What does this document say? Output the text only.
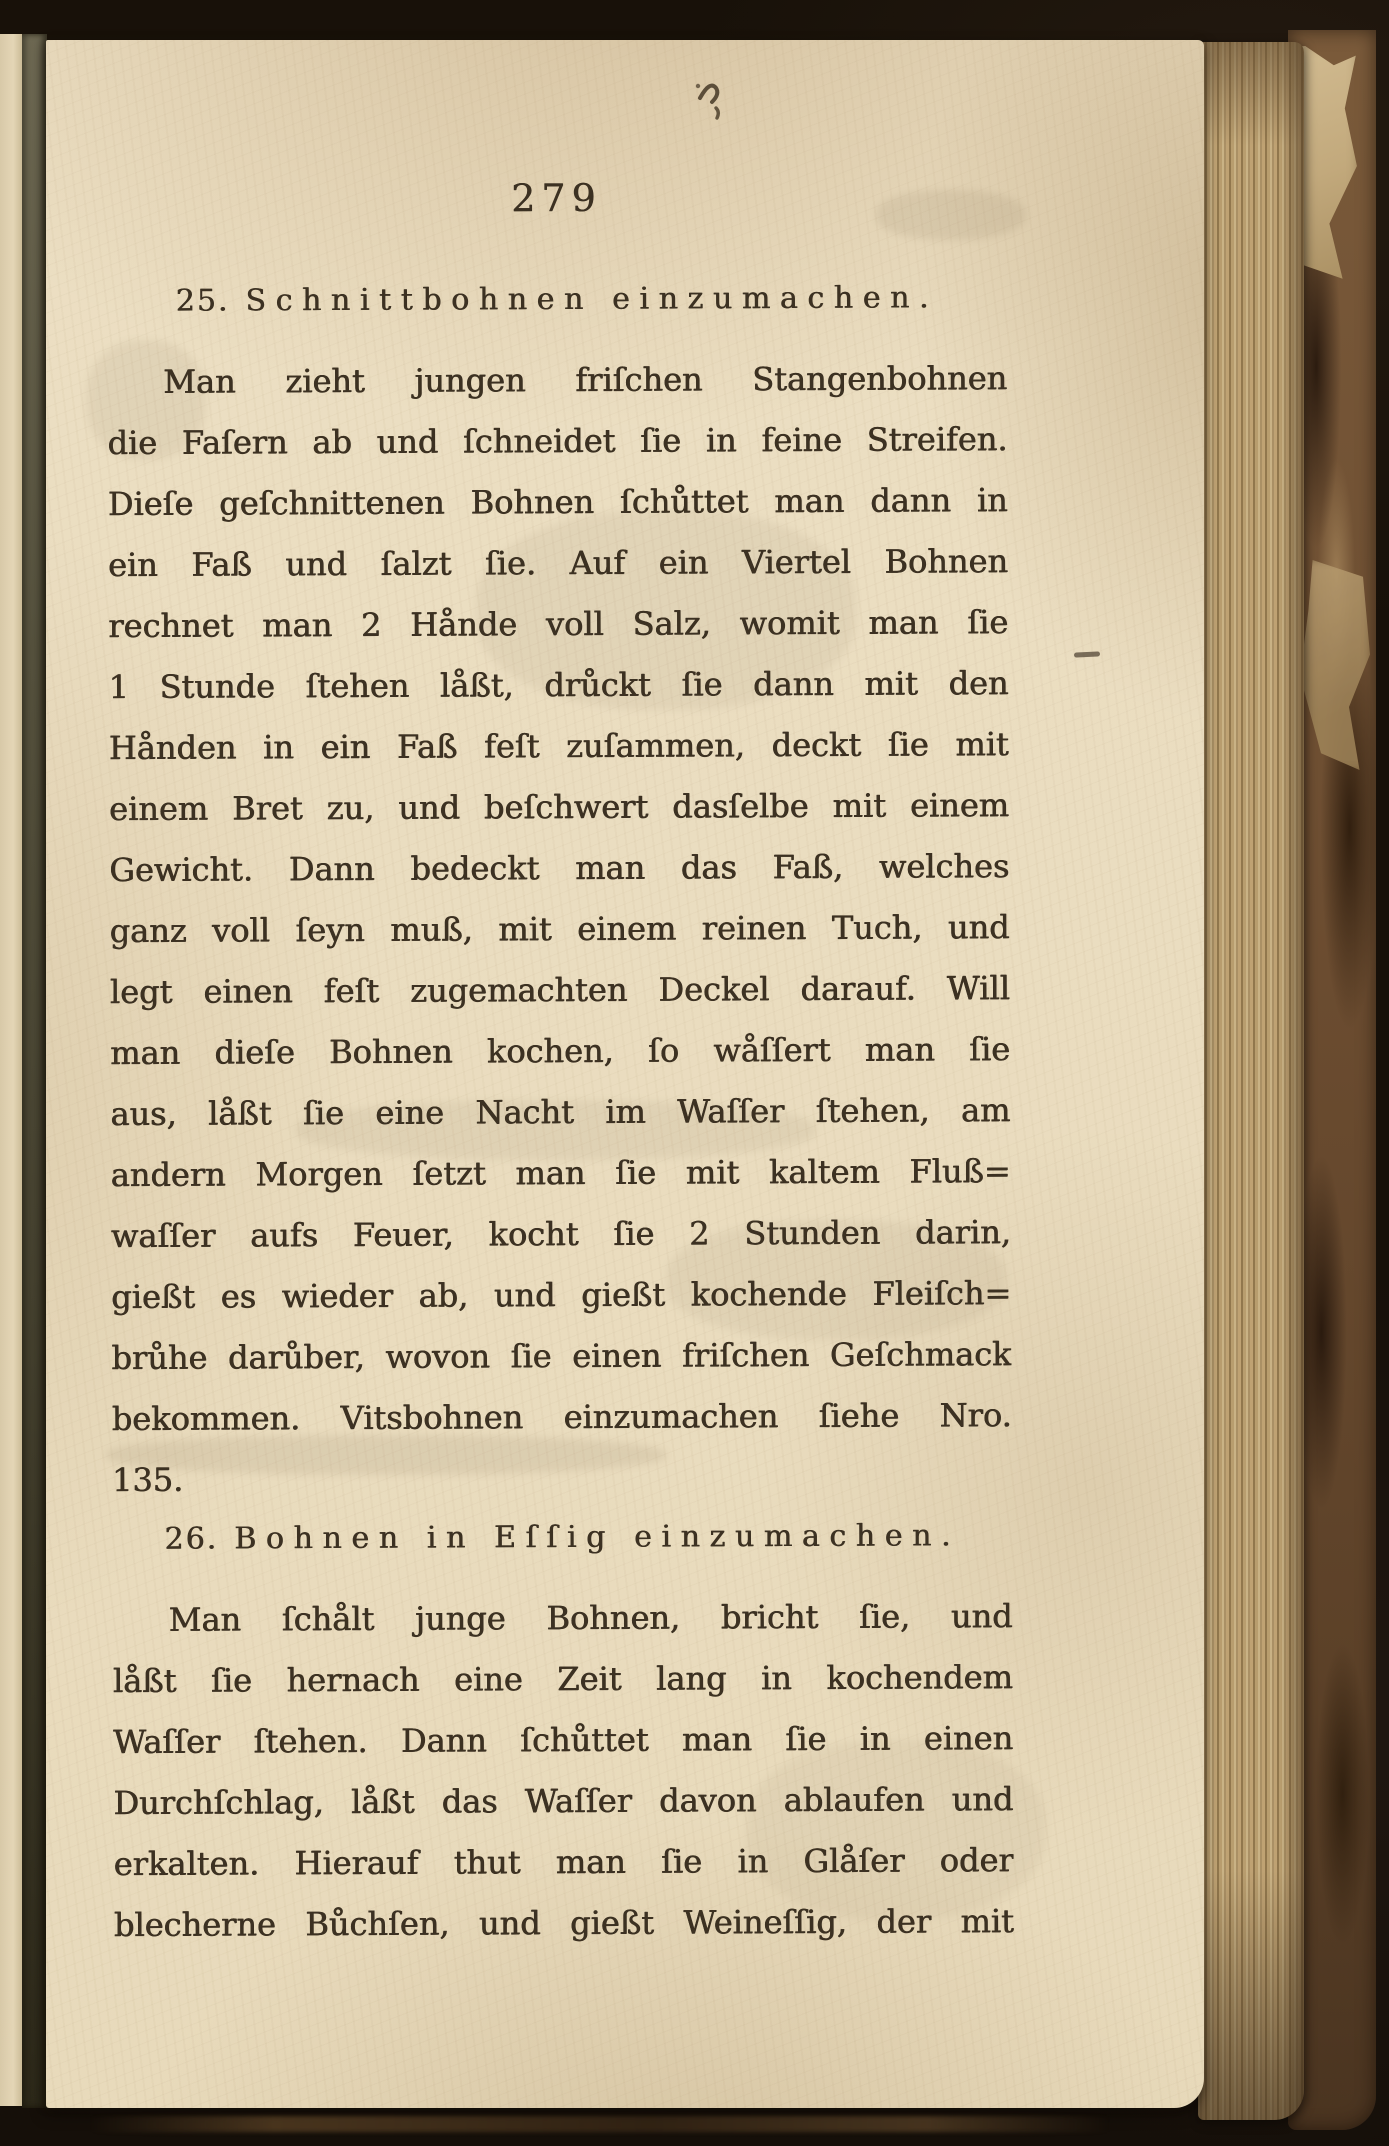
279
25. Schnittbohnen einzumachen.
Man zieht jungen friſchen Stangenbohnen
die Faſern ab und ſchneidet ſie in feine Streifen.
Dieſe geſchnittenen Bohnen ſchůttet man dann in
ein Faß und ſalzt ſie. Auf ein Viertel Bohnen
rechnet man 2 Hånde voll Salz, womit man ſie
1 Stunde ſtehen låßt, drůckt ſie dann mit den
Hånden in ein Faß feſt zuſammen, deckt ſie mit
einem Bret zu, und beſchwert dasſelbe mit einem
Gewicht. Dann bedeckt man das Faß, welches
ganz voll ſeyn muß, mit einem reinen Tuch, und
legt einen feſt zugemachten Deckel darauf. Will
man dieſe Bohnen kochen, ſo wåſſert man ſie
aus, låßt ſie eine Nacht im Waſſer ſtehen, am
andern Morgen ſetzt man ſie mit kaltem Fluß=
waſſer aufs Feuer, kocht ſie 2 Stunden darin,
gießt es wieder ab, und gießt kochende Fleiſch=
brůhe darůber, wovon ſie einen friſchen Geſchmack
bekommen. Vitsbohnen einzumachen ſiehe Nro.
135.
26. Bohnen in Eſſig einzumachen.
Man ſchålt junge Bohnen, bricht ſie, und
låßt ſie hernach eine Zeit lang in kochendem
Waſſer ſtehen. Dann ſchůttet man ſie in einen
Durchſchlag, låßt das Waſſer davon ablaufen und
erkalten. Hierauf thut man ſie in Glåſer oder
blecherne Bůchſen, und gießt Weineſſig, der mit
